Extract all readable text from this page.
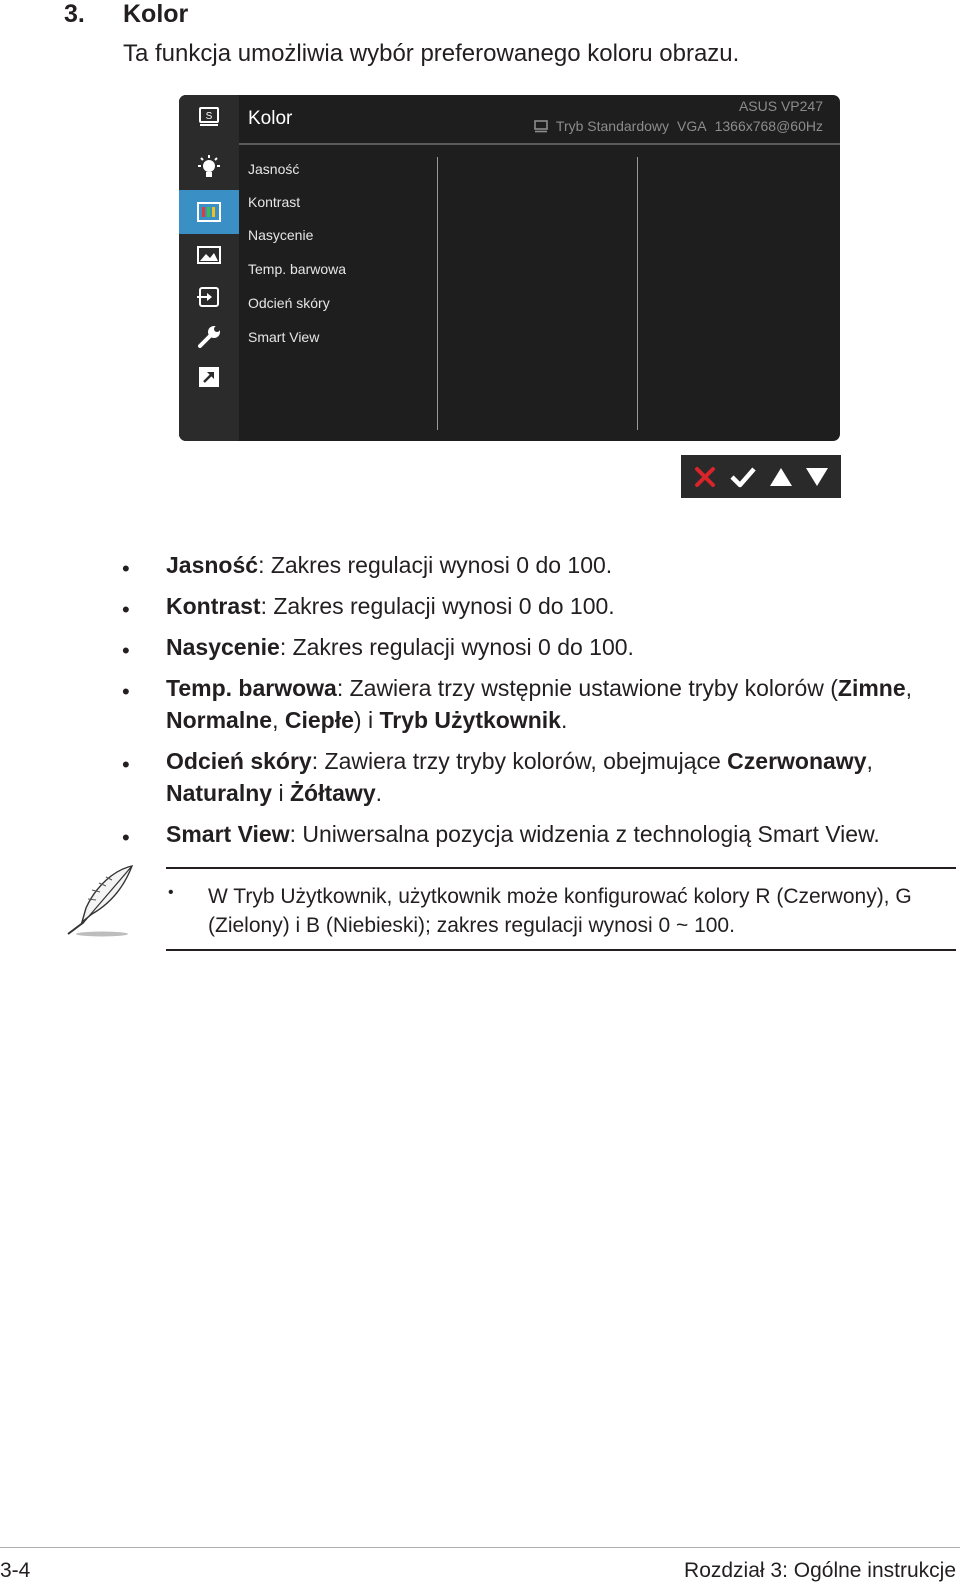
3. Kolor
Ta funkcja umożliwia wybór preferowanego koloru obrazu.
S Kolor
ASUS VP247
Tryb Standardowy VGA 1366x768@60Hz
Jasność
Kontrast
Nasycenie
Temp. barwowa
Odcień skóry
Smart View
• Jasność: Zakres regulacji wynosi 0 do 100.
• Kontrast: Zakres regulacji wynosi 0 do 100.
• Nasycenie: Zakres regulacji wynosi 0 do 100.
• Temp. barwowa: Zawiera trzy wstępnie ustawione tryby kolorów (Zimne, Normalne, Ciepłe) i Tryb Użytkownik.
• Odcień skóry: Zawiera trzy tryby kolorów, obejmujące Czerwonawy, Naturalny i Żółtawy.
• Smart View: Uniwersalna pozycja widzenia z technologią Smart View.
• W Tryb Użytkownik, użytkownik może konfigurować kolory R (Czerwony), G (Zielony) i B (Niebieski); zakres regulacji wynosi 0 ~ 100.
3-4	Rozdział 3: Ogólne instrukcje
